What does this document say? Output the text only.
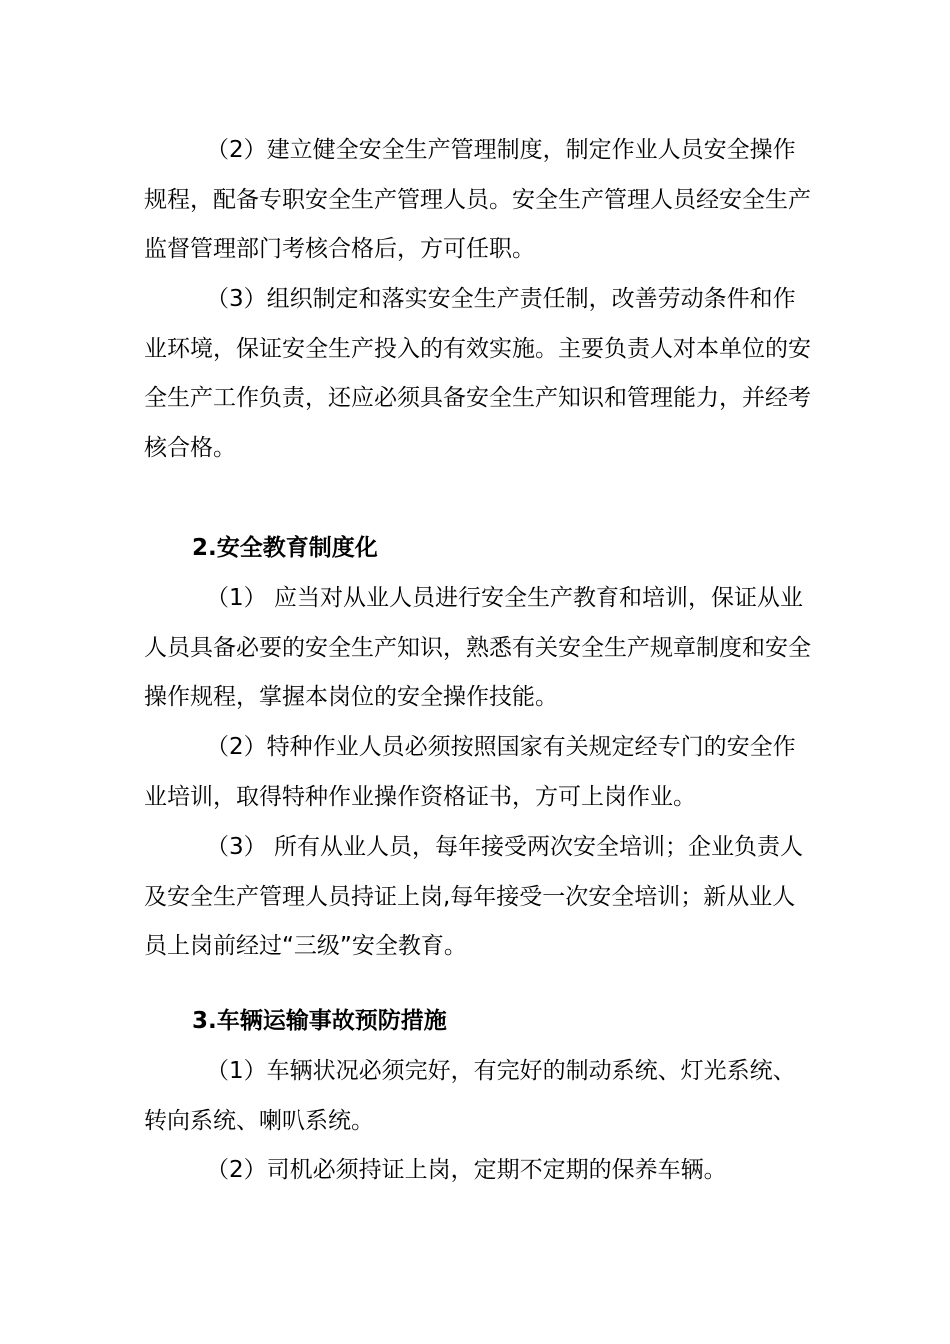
（2）建立健全安全生产管理制度，制定作业人员安全操作规程，配备专职安全生产管理人员。安全生产管理人员经安全生产监督管理部门考核合格后，方可任职。

（3）组织制定和落实安全生产责任制，改善劳动条件和作业环境，保证安全生产投入的有效实施。主要负责人对本单位的安全生产工作负责，还应必须具备安全生产知识和管理能力，并经考核合格。

2.安全教育制度化

（1） 应当对从业人员进行安全生产教育和培训，保证从业人员具备必要的安全生产知识，熟悉有关安全生产规章制度和安全操作规程，掌握本岗位的安全操作技能。

（2）特种作业人员必须按照国家有关规定经专门的安全作业培训，取得特种作业操作资格证书，方可上岗作业。

（3） 所有从业人员，每年接受两次安全培训；企业负责人及安全生产管理人员持证上岗,每年接受一次安全培训；新从业人员上岗前经过“三级”安全教育。

3.车辆运输事故预防措施

（1）车辆状况必须完好，有完好的制动系统、灯光系统、转向系统、喇叭系统。

（2）司机必须持证上岗，定期不定期的保养车辆。
